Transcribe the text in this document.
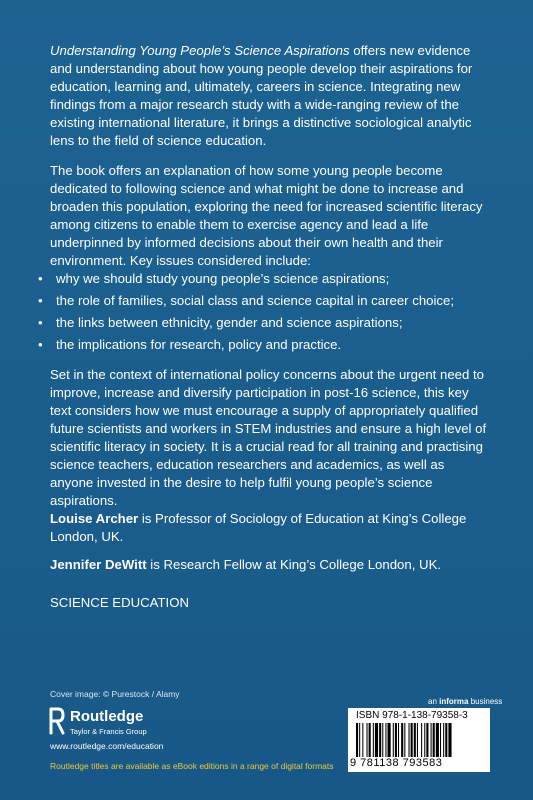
Understanding Young People’s Science Aspirations offers new evidence and understanding about how young people develop their aspirations for education, learning and, ultimately, careers in science. Integrating new findings from a major research study with a wide-ranging review of the existing international literature, it brings a distinctive sociological analytic lens to the field of science education.
The book offers an explanation of how some young people become dedicated to following science and what might be done to increase and broaden this population, exploring the need for increased scientific literacy among citizens to enable them to exercise agency and lead a life underpinned by informed decisions about their own health and their environment. Key issues considered include:
• why we should study young people’s science aspirations;
• the role of families, social class and science capital in career choice;
• the links between ethnicity, gender and science aspirations;
• the implications for research, policy and practice.
Set in the context of international policy concerns about the urgent need to improve, increase and diversify participation in post-16 science, this key text considers how we must encourage a supply of appropriately qualified future scientists and workers in STEM industries and ensure a high level of scientific literacy in society. It is a crucial read for all training and practising science teachers, education researchers and academics, as well as anyone invested in the desire to help fulfil young people’s science aspirations.
Louise Archer is Professor of Sociology of Education at King’s College London, UK.
Jennifer DeWitt is Research Fellow at King’s College London, UK.
SCIENCE EDUCATION
Cover image: © Purestock / Alamy
Routledge
Taylor & Francis Group
www.routledge.com/education
Routledge titles are available as eBook editions in a range of digital formats
an informa business
ISBN 978-1-138-79358-3
9 781138 793583
